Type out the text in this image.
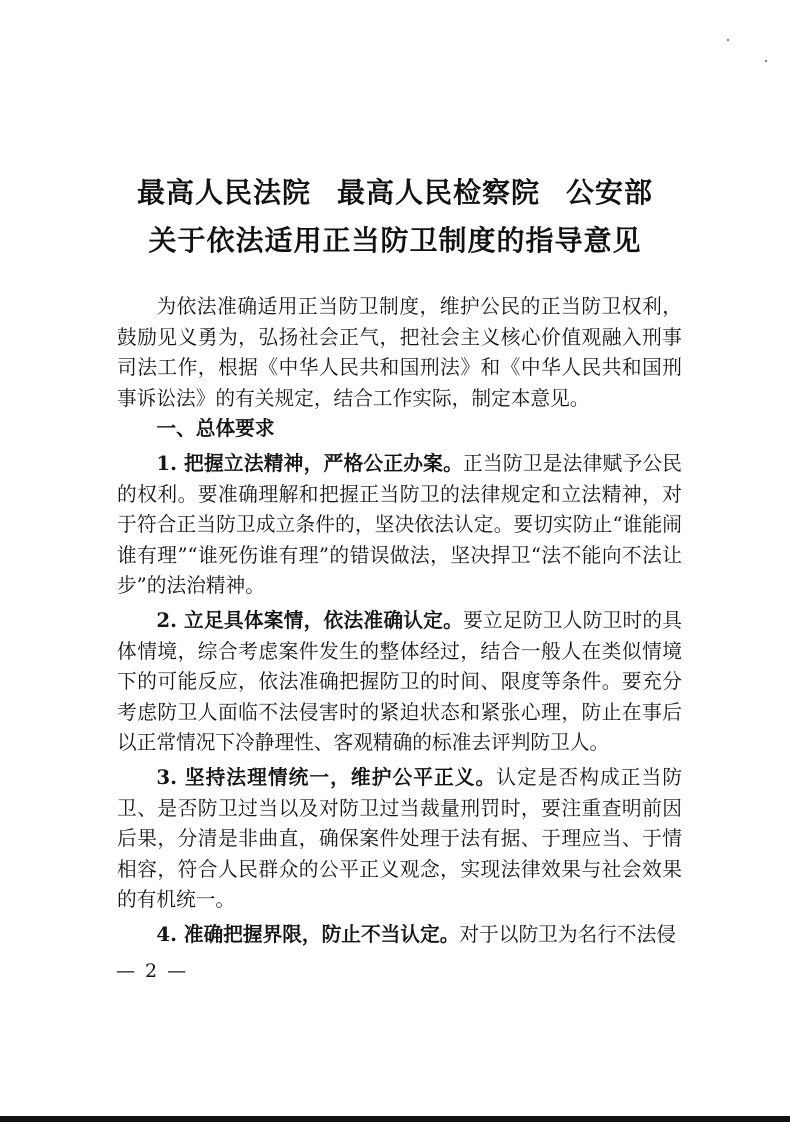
最高人民法院 最高人民检察院 公安部
关于依法适用正当防卫制度的指导意见

为依法准确适用正当防卫制度，维护公民的正当防卫权利，鼓励见义勇为，弘扬社会正气，把社会主义核心价值观融入刑事司法工作，根据《中华人民共和国刑法》和《中华人民共和国刑事诉讼法》的有关规定，结合工作实际，制定本意见。

一、总体要求

1. 把握立法精神，严格公正办案。正当防卫是法律赋予公民的权利。要准确理解和把握正当防卫的法律规定和立法精神，对于符合正当防卫成立条件的，坚决依法认定。要切实防止“谁能闹谁有理”“谁死伤谁有理”的错误做法，坚决捍卫“法不能向不法让步”的法治精神。

2. 立足具体案情，依法准确认定。要立足防卫人防卫时的具体情境，综合考虑案件发生的整体经过，结合一般人在类似情境下的可能反应，依法准确把握防卫的时间、限度等条件。要充分考虑防卫人面临不法侵害时的紧迫状态和紧张心理，防止在事后以正常情况下冷静理性、客观精确的标准去评判防卫人。

3. 坚持法理情统一，维护公平正义。认定是否构成正当防卫、是否防卫过当以及对防卫过当裁量刑罚时，要注重查明前因后果，分清是非曲直，确保案件处理于法有据、于理应当、于情相容，符合人民群众的公平正义观念，实现法律效果与社会效果的有机统一。

4. 准确把握界限，防止不当认定。对于以防卫为名行不法侵

— 2 —
